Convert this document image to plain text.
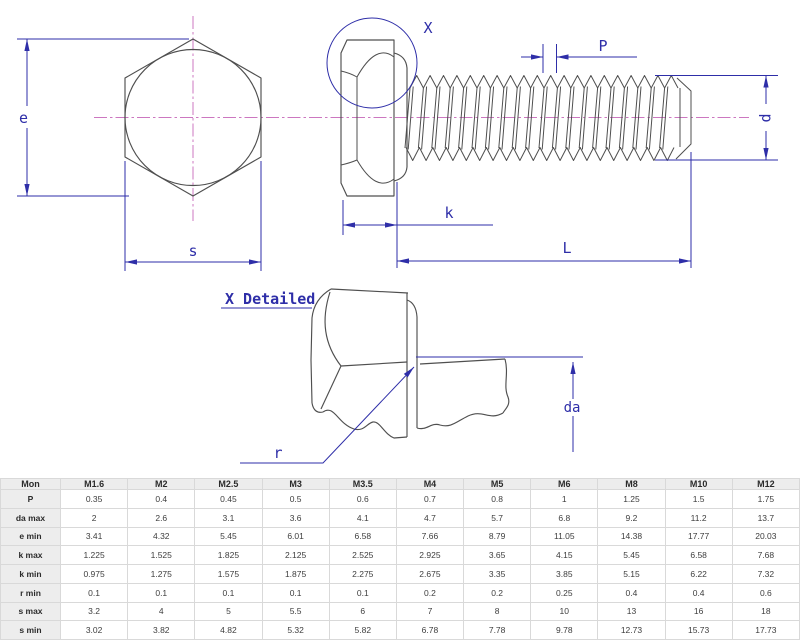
e
s
X
P
d
k
L
X Detailed
da
r
Mon	M1.6	M2	M2.5	M3	M3.5	M4	M5	M6	M8	M10	M12
P	0.35	0.4	0.45	0.5	0.6	0.7	0.8	1	1.25	1.5	1.75
da max	2	2.6	3.1	3.6	4.1	4.7	5.7	6.8	9.2	11.2	13.7
e min	3.41	4.32	5.45	6.01	6.58	7.66	8.79	11.05	14.38	17.77	20.03
k max	1.225	1.525	1.825	2.125	2.525	2.925	3.65	4.15	5.45	6.58	7.68
k min	0.975	1.275	1.575	1.875	2.275	2.675	3.35	3.85	5.15	6.22	7.32
r min	0.1	0.1	0.1	0.1	0.1	0.2	0.2	0.25	0.4	0.4	0.6
s max	3.2	4	5	5.5	6	7	8	10	13	16	18
s min	3.02	3.82	4.82	5.32	5.82	6.78	7.78	9.78	12.73	15.73	17.73
